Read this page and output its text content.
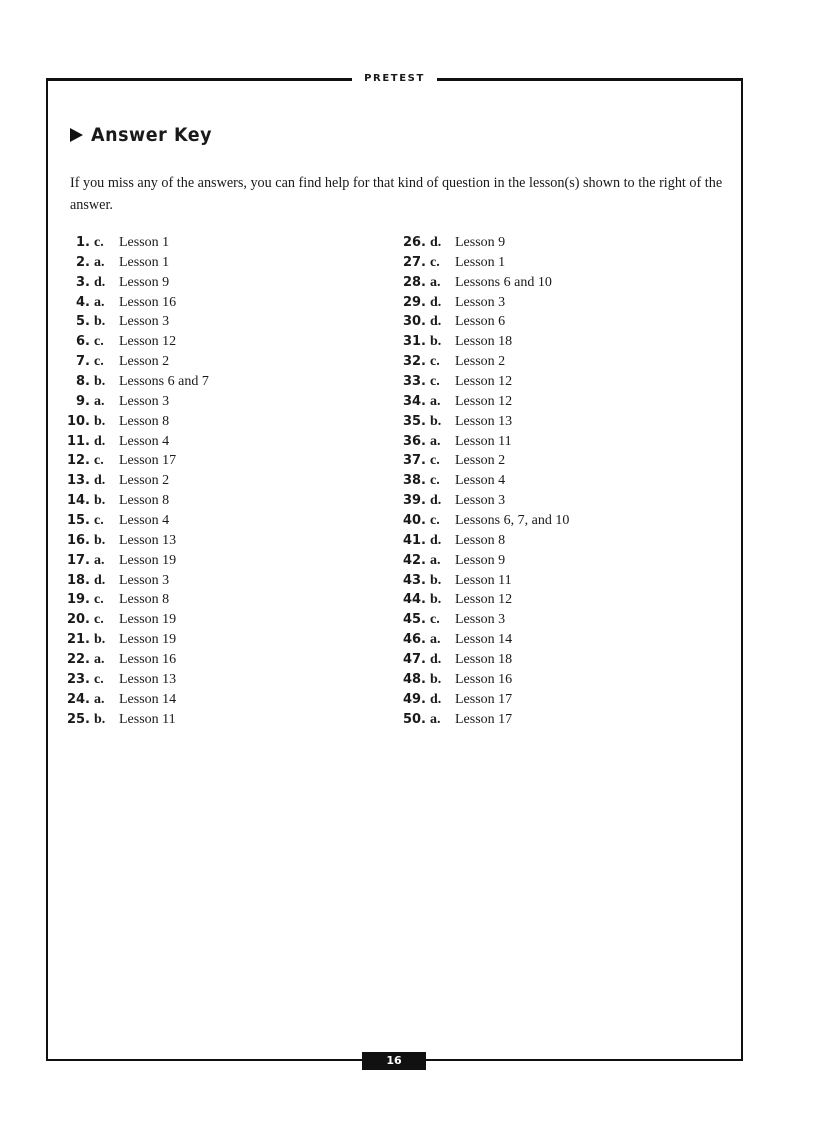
PRETEST
Answer Key

If you miss any of the answers, you can find help for that kind of question in the lesson(s) shown to the right of the answer.

1. c.	Lesson 1
2. a.	Lesson 1
3. d. Lesson 9
4. a.	Lesson 16
5. b. Lesson 3
6. c.	Lesson 12
7. c.	Lesson 2
8. b. Lessons 6 and 7
9. a.	Lesson 3
10. b. Lesson 8
11. d. Lesson 4
12. c.	Lesson 17
13. d. Lesson 2
14. b. Lesson 8
15. c.	Lesson 4
16. b. Lesson 13
17. a.	Lesson 19
18. d. Lesson 3
19. c.	Lesson 8
20. c.	Lesson 19
21. b. Lesson 19
22. a.	Lesson 16
23. c.	Lesson 13
24. a.	Lesson 14
25. b. Lesson 11
26. d. Lesson 9
27. c.	Lesson 1
28. a.	Lessons 6 and 10
29. d. Lesson 3
30. d. Lesson 6
31. b. Lesson 18
32. c.	Lesson 2
33. c.	Lesson 12
34. a.	Lesson 12
35. b. Lesson 13
36. a.	Lesson 11
37. c.	Lesson 2
38. c.	Lesson 4
39. d. Lesson 3
40. c.	Lessons 6, 7, and 10
41. d. Lesson 8
42. a.	Lesson 9
43. b. Lesson 11
44. b. Lesson 12
45. c.	Lesson 3
46. a.	Lesson 14
47. d. Lesson 18
48. b. Lesson 16
49. d. Lesson 17
50. a.	Lesson 17
16
